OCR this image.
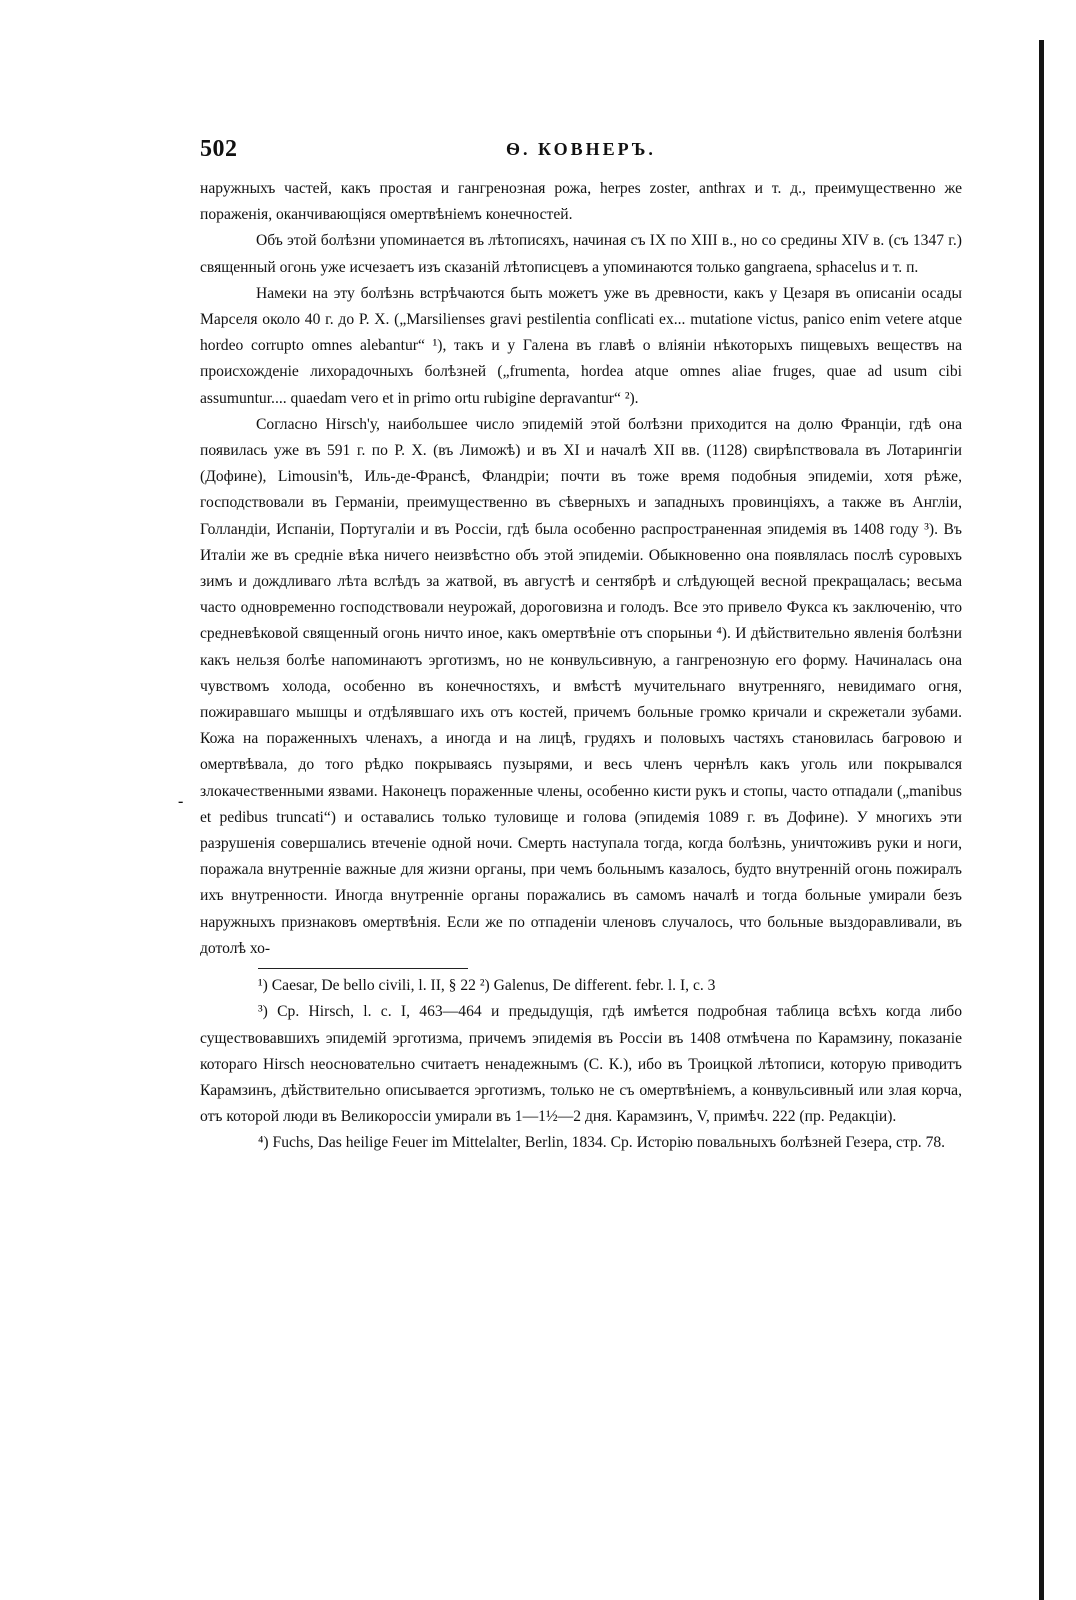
-
502	Ѳ. КОВНЕРЪ.

наружныхъ частей, какъ простая и гангренозная рожа, herpes zoster, anthrax и т. д., преимущественно же пораженія, оканчивающіяся омертвѣніемъ конечностей.

Объ этой болѣзни упоминается въ лѣтописяхъ, начиная съ IX по XIII в., но со средины XIV в. (съ 1347 г.) священный огонь уже исчезаетъ изъ сказаній лѣтописцевъ а упоминаются только gangraena, sphacelus и т. п.

Намеки на эту болѣзнь встрѣчаются быть можетъ уже въ древности, какъ у Цезаря въ описаніи осады Марселя около 40 г. до Р. Х. („Marsilienses gravi pestilentia conflicati ex... mutatione victus, panico enim vetere atque hordeo corrupto omnes alebantur“ ¹), такъ и у Галена въ главѣ о вліяніи нѣкоторыхъ пищевыхъ веществъ на происхожденіе лихорадочныхъ болѣзней („frumenta, hordea atque omnes aliae fruges, quae ad usum cibi assumuntur.... quaedam vero et in primo ortu rubigine depravantur“ ²).

Согласно Hirsch'у, наибольшее число эпидемій этой болѣзни приходится на долю Франціи, гдѣ она появилась уже въ 591 г. по Р. Х. (въ Лиможѣ) и въ XI и началѣ XII вв. (1128) свирѣпствовала въ Лотарингіи (Дофине), Limousin'ѣ, Иль-де-Франсѣ, Фландріи; почти въ тоже время подобныя эпидеміи, хотя рѣже, господствовали въ Германіи, преимущественно въ сѣверныхъ и западныхъ провинціяхъ, а также въ Англіи, Голландіи, Испаніи, Португаліи и въ Россіи, гдѣ была особенно распространенная эпидемія въ 1408 году ³). Въ Италіи же въ средніе вѣка ничего неизвѣстно объ этой эпидеміи. Обыкновенно она появлялась послѣ суровыхъ зимъ и дождливаго лѣта вслѣдъ за жатвой, въ августѣ и сентябрѣ и слѣдующей весной прекращалась; весьма часто одновременно господствовали неурожай, дороговизна и голодъ. Все это привело Фукса къ заключенію, что средневѣковой священный огонь ничто иное, какъ омертвѣніе отъ спорыньи ⁴). И дѣйствительно явленія болѣзни какъ нельзя болѣе напоминаютъ эрготизмъ, но не конвульсивную, а гангренозную его форму. Начиналась она чувствомъ холода, особенно въ конечностяхъ, и вмѣстѣ мучительнаго внутренняго, невидимаго огня, пожиравшаго мышцы и отдѣлявшаго ихъ отъ костей, причемъ больные громко кричали и скрежетали зубами. Кожа на пораженныхъ членахъ, а иногда и на лицѣ, грудяхъ и половыхъ частяхъ становилась багровою и омертвѣвала, до того рѣдко покрываясь пузырями, и весь членъ чернѣлъ какъ уголь или покрывался злокачественными язвами. Наконецъ пораженные члены, особенно кисти рукъ и стопы, часто отпадали („manibus et pedibus truncati“) и оставались только туловище и голова (эпидемія 1089 г. въ Дофине). У многихъ эти разрушенія совершались втеченіе одной ночи. Смерть наступала тогда, когда болѣзнь, уничтоживъ руки и ноги, поражала внутренніе важные для жизни органы, при чемъ больнымъ казалось, будто внутренній огонь пожиралъ ихъ внутренности. Иногда внутренніе органы поражались въ самомъ началѣ и тогда больные умирали безъ наружныхъ признаковъ омертвѣнія. Если же по отпаденіи членовъ случалось, что больные выздоравливали, въ дотолѣ хо-

¹) Caesar, De bello civili, l. II, § 22 ²) Galenus, De different. febr. l. I, c. 3

³) Ср. Hirsch, l. c. I, 463—464 и предыдущія, гдѣ имѣется подробная таблица всѣхъ когда либо существовавшихъ эпидемій эрготизма, причемъ эпидемія въ Россіи въ 1408 отмѣчена по Карамзину, показаніе котораго Hirsch неосновательно считаетъ ненадежнымъ (С. К.), ибо въ Троицкой лѣтописи, которую приводитъ Карамзинъ, дѣйствительно описывается эрготизмъ, только не съ омертвѣніемъ, а конвульсивный или злая корча, отъ которой люди въ Великороссіи умирали въ 1—1½—2 дня. Карамзинъ, V, примѣч. 222 (пр. Редакціи).

⁴) Fuchs, Das heilige Feuer im Mittelalter, Berlin, 1834. Ср. Исторію повальныхъ болѣзней Гезера, стр. 78.
